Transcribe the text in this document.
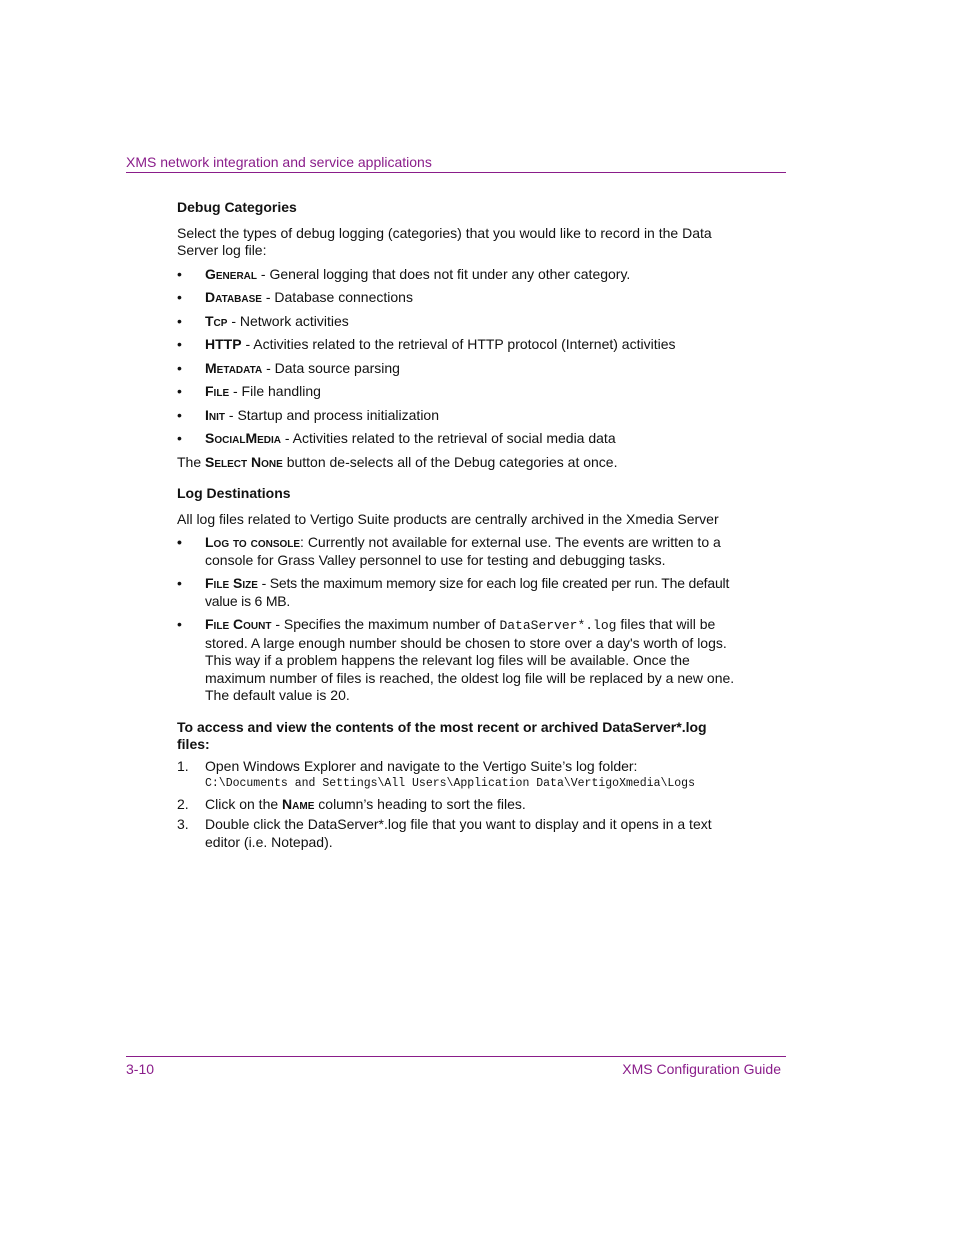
XMS network integration and service applications
Debug Categories
Select the types of debug logging (categories) that you would like to record in the Data Server log file:
• General - General logging that does not fit under any other category.
• Database - Database connections
• Tcp - Network activities
• HTTP - Activities related to the retrieval of HTTP protocol (Internet) activities
• Metadata - Data source parsing
• File - File handling
• Init - Startup and process initialization
• SocialMedia - Activities related to the retrieval of social media data
The Select None button de-selects all of the Debug categories at once.
Log Destinations
All log files related to Vertigo Suite products are centrally archived in the Xmedia Server
• Log to console: Currently not available for external use. The events are written to a console for Grass Valley personnel to use for testing and debugging tasks.
• File Size - Sets the maximum memory size for each log file created per run. The default value is 6 MB.
• File Count - Specifies the maximum number of DataServer*.log files that will be stored. A large enough number should be chosen to store over a day's worth of logs. This way if a problem happens the relevant log files will be available. Once the maximum number of files is reached, the oldest log file will be replaced by a new one. The default value is 20.
To access and view the contents of the most recent or archived DataServer*.log files:
1. Open Windows Explorer and navigate to the Vertigo Suite’s log folder:
C:\Documents and Settings\All Users\Application Data\VertigoXmedia\Logs
2. Click on the Name column’s heading to sort the files.
3. Double click the DataServer*.log file that you want to display and it opens in a text editor (i.e. Notepad).
3-10	XMS Configuration Guide
